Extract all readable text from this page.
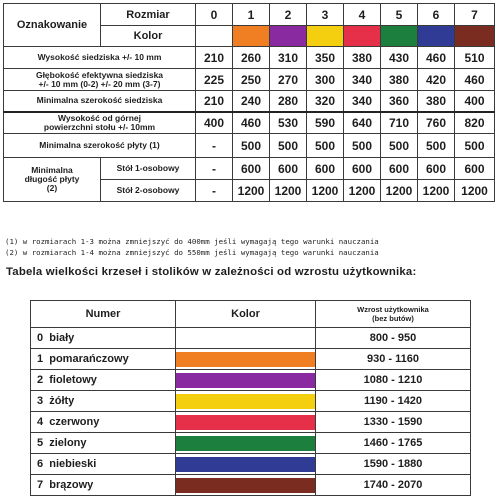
Oznakowanie	Rozmiar	0	1	2	3	4	5	6	7
	Kolor								
Wysokość siedziska +/- 10 mm		210	260	310	350	380	430	460	510
Głębokość efektywna siedziska
+/- 10 mm (0-2) +/- 20 mm (3-7)		225	250	270	300	340	380	420	460
Minimalna szerokość siedziska		210	240	280	320	340	360	380	400
Wysokość od górnej
powierzchni stołu +/- 10mm		400	460	530	590	640	710	760	820
Minimalna szerokość płyty (1)		-	500	500	500	500	500	500	500
Minimalna
długość płyty
(2)	Stół 1-osobowy	-	600	600	600	600	600	600	600
	Stół 2-osobowy	-	1200	1200	1200	1200	1200	1200	1200
(1) w rozmiarach 1-3 można zmniejszyć do 400mm jeśli wymagają tego warunki nauczania
(2) w rozmiarach 1-4 można zmniejszyć do 550mm jeśli wymagają tego warunki nauczania
Tabela wielkości krzeseł i stolików w zależności od wzrostu użytkownika:
Numer	Kolor	Wzrost użytkownika
(bez butów)
0  biały		800 - 950
1  pomarańczowy		930 - 1160
2  fioletowy		1080 - 1210
3  żółty		1190 - 1420
4  czerwony		1330 - 1590
5  zielony		1460 - 1765
6  niebieski		1590 - 1880
7  brązowy		1740 - 2070
